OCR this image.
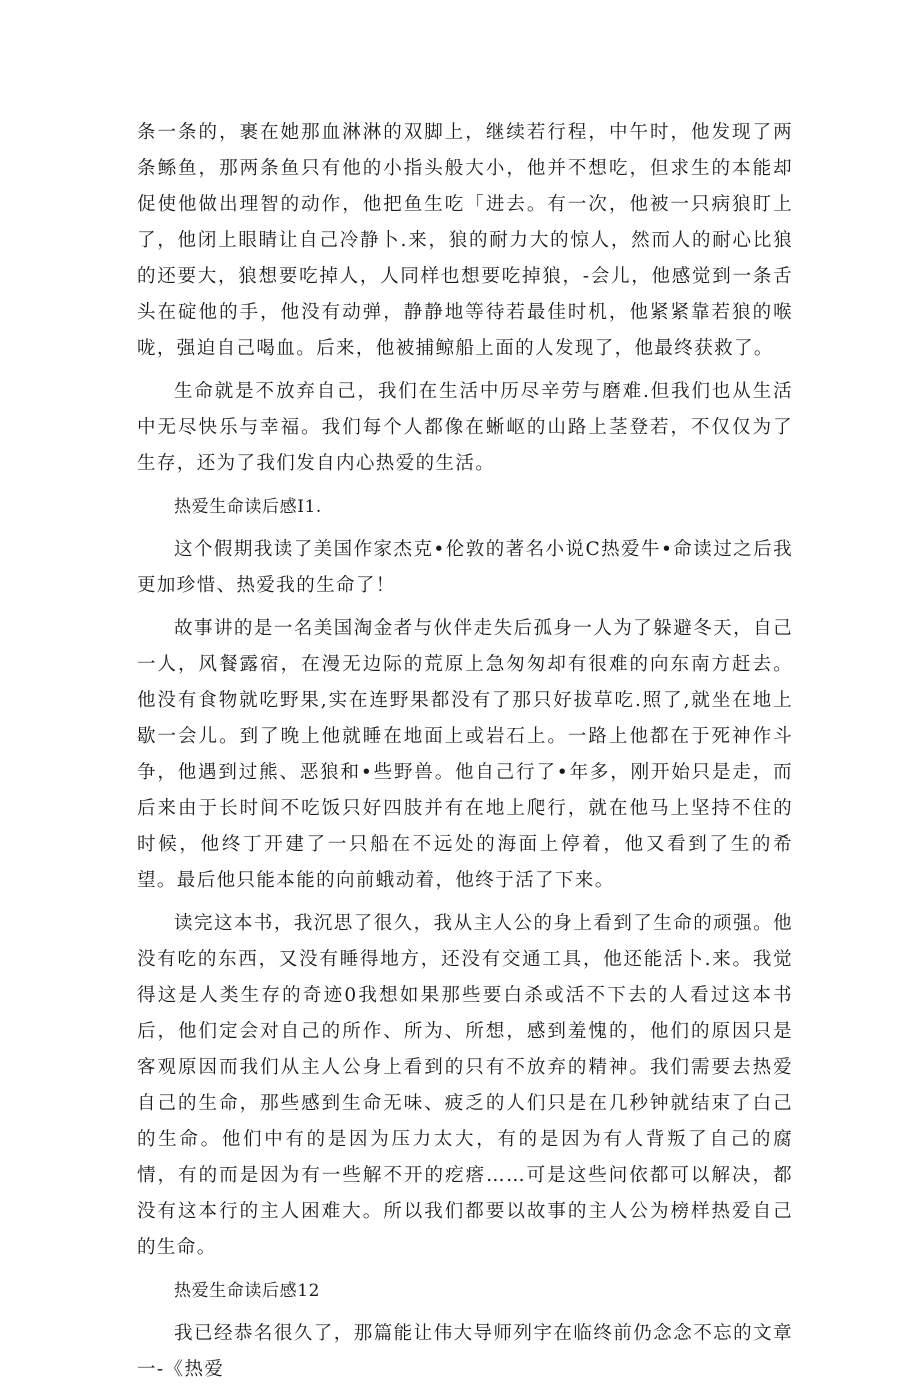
条一条的，裹在她那血淋淋的双脚上，继续若行程，中午时，他发现了两条鲧鱼，那两条鱼只有他的小指头般大小，他并不想吃，但求生的本能却促使他做出理智的动作，他把鱼生吃「进去。有一次，他被一只病狼盯上了，他闭上眼睛让自己冷静卜.来，狼的耐力大的惊人，然而人的耐心比狼的还要大，狼想要吃掉人，人同样也想要吃掉狼，-会儿，他感觉到一条舌头在碇他的手，他没有动弹，静静地等待若最佳时机，他紧紧靠若狼的喉咙，强迫自己喝血。后来，他被捕鲸船上面的人发现了，他最终获救了。

生命就是不放弃自己，我们在生活中历尽辛劳与磨难.但我们也从生活中无尽快乐与幸福。我们每个人都像在蜥岖的山路上茎登若，不仅仅为了生存，还为了我们发自内心热爱的生活。

热爱生命读后感I1.

这个假期我读了美国作家杰克•伦敦的著名小说C热爱牛•命读过之后我更加珍惜、热爱我的生命了！

故事讲的是一名美国淘金者与伙伴走失后孤身一人为了躲避冬天，自己一人，风餐露宿，在漫无边际的荒原上急匆匆却有很难的向东南方赶去。他没有食物就吃野果,实在连野果都没有了那只好拔草吃.照了,就坐在地上歇一会儿。到了晚上他就睡在地面上或岩石上。一路上他都在于死神作斗争，他遇到过熊、恶狼和•些野兽。他自己行了•年多，刚开始只是走，而后来由于长时间不吃饭只好四肢并有在地上爬行，就在他马上坚持不住的时候，他终丁开建了一只船在不远处的海面上停着，他又看到了生的希望。最后他只能本能的向前蛾动着，他终于活了下来。

读完这本书，我沉思了很久，我从主人公的身上看到了生命的顽强。他没有吃的东西，又没有睡得地方，还没有交通工具，他还能活卜.来。我觉得这是人类生存的奇迹0我想如果那些要白杀或活不下去的人看过这本书后，他们定会对自己的所作、所为、所想，感到羞愧的，他们的原因只是客观原因而我们从主人公身上看到的只有不放弃的精神。我们需要去热爱自己的生命，那些感到生命无味、疲乏的人们只是在几秒钟就结束了白己的生命。他们中有的是因为压力太大，有的是因为有人背叛了自己的腐情，有的而是因为有一些解不开的疙瘩……可是这些问依都可以解决，都没有这本行的主人困难大。所以我们都要以故事的主人公为榜样热爱自己的生命。

热爱生命读后感12

我已经恭名很久了，那篇能让伟大导师列宇在临终前仍念念不忘的文章一-《热爱
